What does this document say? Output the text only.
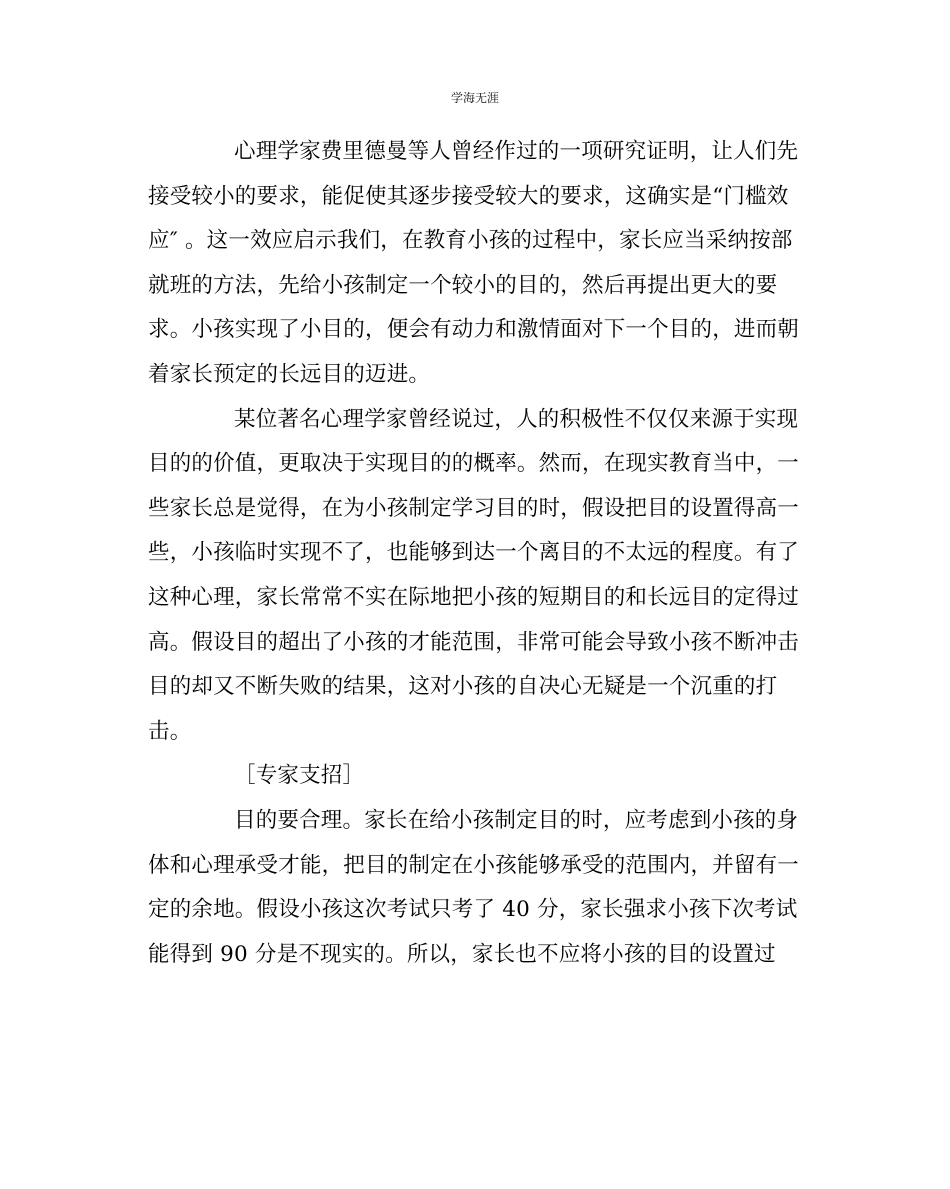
学海无涯
心理学家费里德曼等人曾经作过的一项研究证明，让人们先
接受较小的要求，能促使其逐步接受较大的要求，这确实是“门槛效
应″ 。这一效应启示我们，在教育小孩的过程中，家长应当采纳按部
就班的方法，先给小孩制定一个较小的目的，然后再提出更大的要
求。小孩实现了小目的，便会有动力和激情面对下一个目的，进而朝
着家长预定的长远目的迈进。
某位著名心理学家曾经说过，人的积极性不仅仅来源于实现
目的的价值，更取决于实现目的的概率。然而，在现实教育当中，一
些家长总是觉得，在为小孩制定学习目的时，假设把目的设置得高一
些，小孩临时实现不了，也能够到达一个离目的不太远的程度。有了
这种心理，家长常常不实在际地把小孩的短期目的和长远目的定得过
高。假设目的超出了小孩的才能范围，非常可能会导致小孩不断冲击
目的却又不断失败的结果，这对小孩的自决心无疑是一个沉重的打
击。
［专家支招］
目的要合理。家长在给小孩制定目的时，应考虑到小孩的身
体和心理承受才能，把目的制定在小孩能够承受的范围内，并留有一
定的余地。假设小孩这次考试只考了 40 分，家长强求小孩下次考试
能得到 90 分是不现实的。所以，家长也不应将小孩的目的设置过
